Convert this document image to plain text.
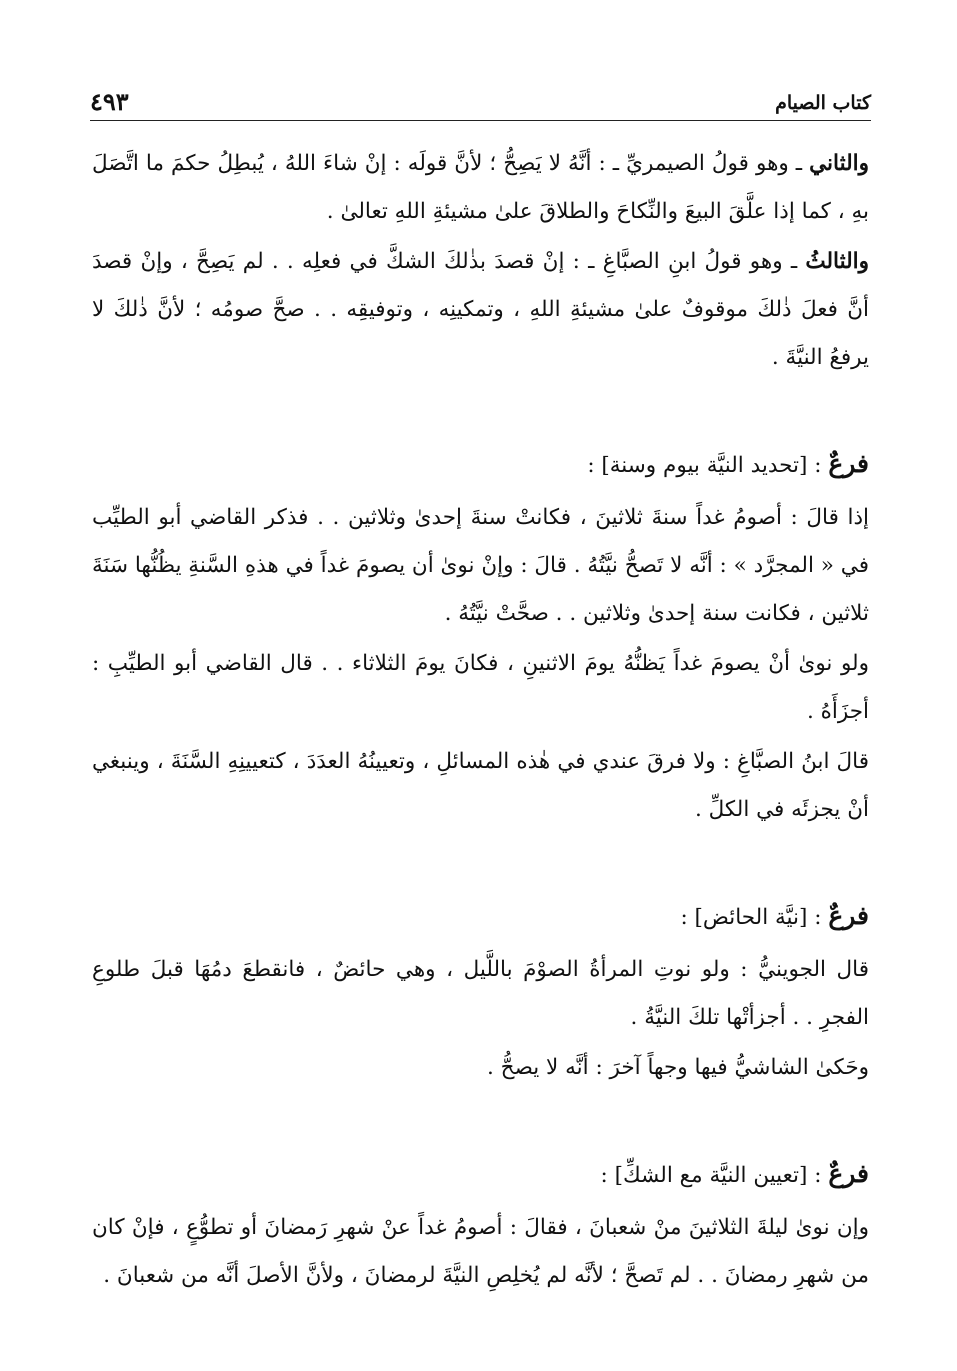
كتاب الصيام
٤٩٣

والثاني ـ وهو قولُ الصيمريِّ ـ : أنَّهُ لا يَصِحُّ ؛ لأنَّ قولَه : إنْ شاءَ اللهُ ، يُبطِلُ حكمَ ما اتَّصَلَ بهِ ، كما إذا علَّقَ البيعَ والنِّكاحَ والطلاقَ علىٰ مشيئةِ اللهِ تعالىٰ .

والثالثُ ـ وهو قولُ ابنِ الصبَّاغِ ـ : إنْ قصدَ بذٰلكَ الشكَّ في فعلِه . . لم يَصِحَّ ، وإنْ قصدَ أنَّ فعلَ ذٰلكَ موقوفٌ علىٰ مشيئةِ اللهِ ، وتمكينِه ، وتوفيقِه . . صحَّ صومُه ؛ لأنَّ ذٰلكَ لا يرفعُ النيَّةَ .

فرعٌ : [تحديد النيَّة بيوم وسنة] :

إذا قالَ : أصومُ غداً سنةَ ثلاثينَ ، فكانتْ سنةَ إحدىٰ وثلاثين . . فذكر القاضي أبو الطيِّب في « المجرَّد » : أنَّه لا تَصحُّ نيَّتُهُ . قالَ : وإنْ نوىٰ أن يصومَ غداً في هذهِ السَّنةِ يظُنُّها سَنَةَ ثلاثين ، فكانت سنة إحدىٰ وثلاثين . . صحَّتْ نيَّتُهُ .

ولو نوىٰ أنْ يصومَ غداً يَظنُّهُ يومَ الاثنينِ ، فكانَ يومَ الثلاثاء . . قال القاضي أبو الطيِّبِ : أجزَأَهُ .

قالَ ابنُ الصبَّاغِ : ولا فرقَ عندي في هٰذه المسائلِ ، وتعيينُهُ العدَدَ ، كتعيينِهِ السَّنَةَ ، وينبغي أنْ يجزئَه في الكلِّ .

فرعٌ : [نيَّة الحائض] :

قال الجوينيُّ : ولو نوتِ المرأةُ الصوْمَ باللَّيل ، وهي حائضٌ ، فانقطعَ دمُهَا قبلَ طلوعِ الفجرِ . . أجزأتْها تلكَ النيَّةُ .

وحَكىٰ الشاشيُّ فيها وجهاً آخرَ : أنَّه لا يصحُّ .

فرعٌ : [تعيين النيَّة مع الشكِّ] :

وإن نوىٰ ليلةَ الثلاثينَ منْ شعبانَ ، فقالَ : أصومُ غداً عنْ شهرِ رَمضانَ أو تطوُّعٍ ، فإنْ كان من شهرِ رمضانَ . . لم تَصحَّ ؛ لأنَّه لم يُخلِصِ النيَّةَ لرمضانَ ، ولأنَّ الأصلَ أنَّه من شعبانَ .
